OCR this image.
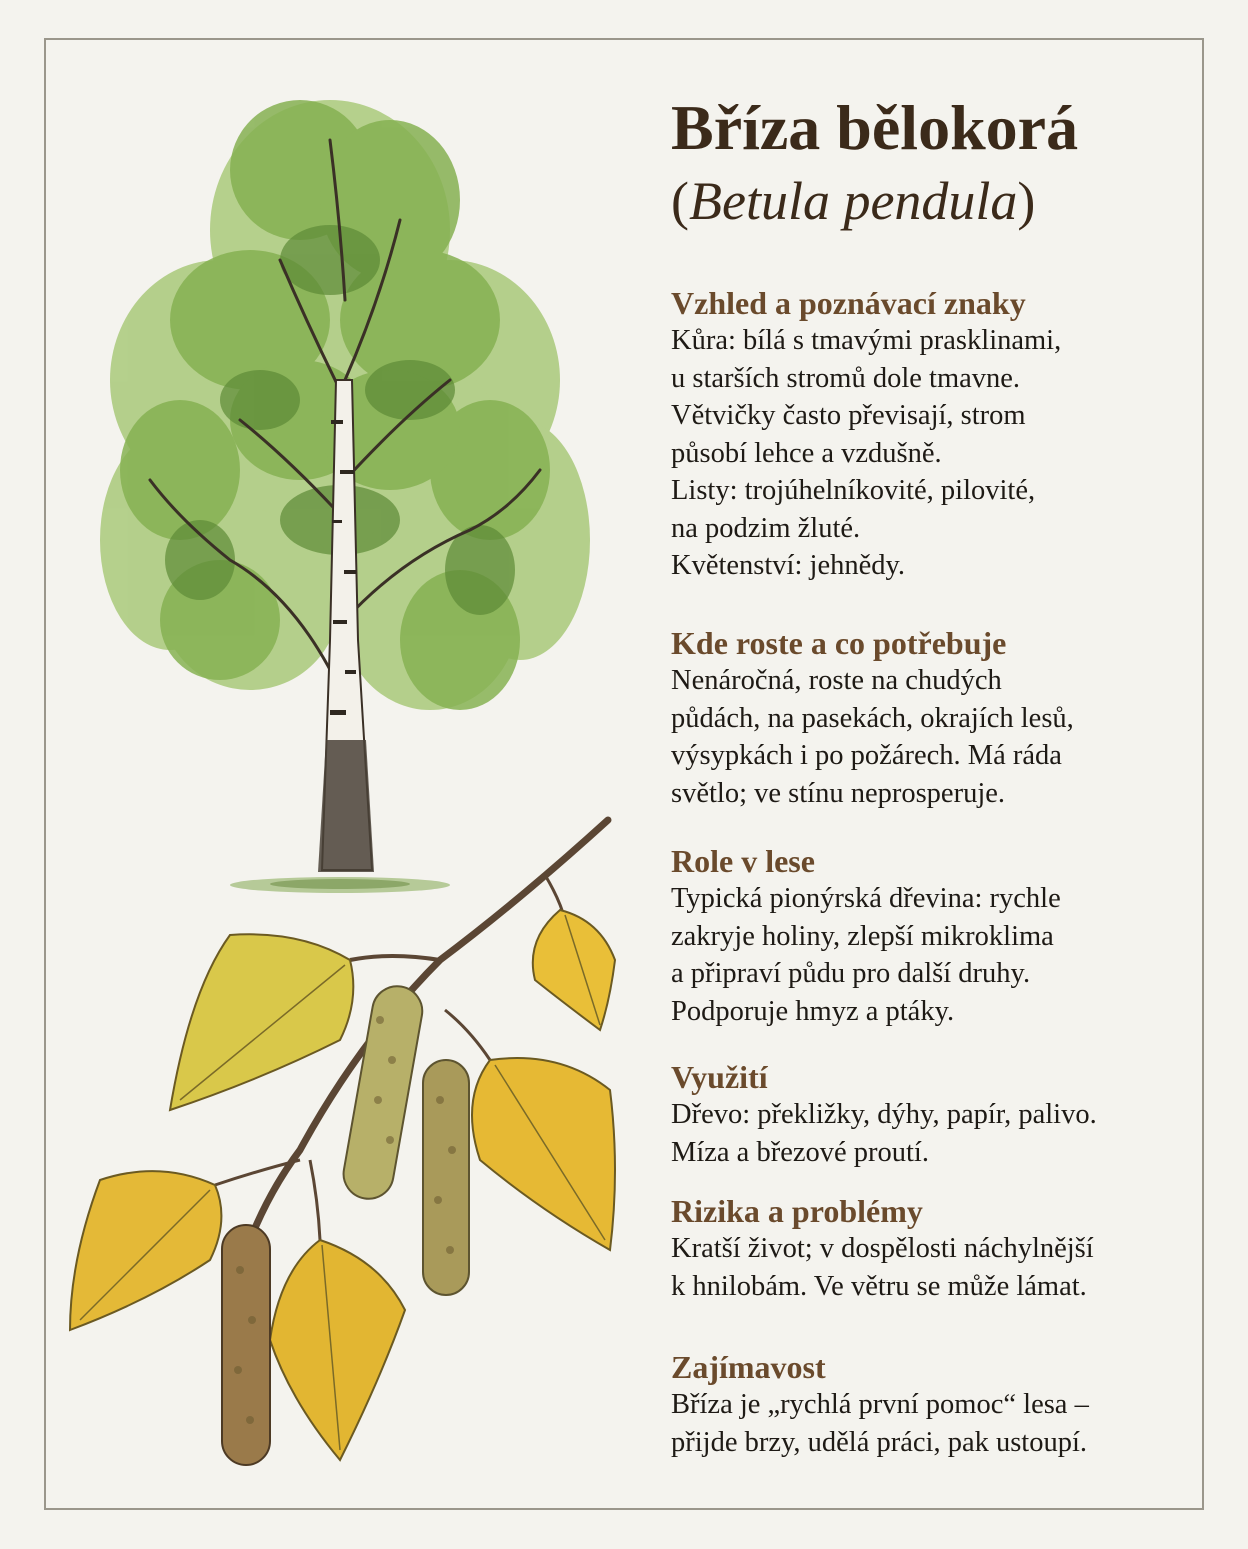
Bříza bělokorá
(Betula pendula)
Vzhled a poznávací znaky

Kůra: bílá s tmavými prasklinami,
u starších stromů dole tmavne.
Větvičky často převisají, strom
působí lehce a vzdušně.
Listy: trojúhelníkovité, pilovité,
na podzim žluté.
Květenství: jehnědy.

Kde roste a co potřebuje

Nenáročná, roste na chudých
půdách, na pasekách, okrajích lesů,
výsypkách i po požárech. Má ráda
světlo; ve stínu neprosperuje.

Role v lese

Typická pionýrská dřevina: rychle
zakryje holiny, zlepší mikroklima
a připraví půdu pro další druhy.
Podporuje hmyz a ptáky.

Využití

Dřevo: překližky, dýhy, papír, palivo.
Míza a březové proutí.

Rizika a problémy

Kratší život; v dospělosti náchylnější
k hnilobám. Ve větru se může lámat.

Zajímavost

Bříza je „rychlá první pomoc“ lesa –
přijde brzy, udělá práci, pak ustoupí.
